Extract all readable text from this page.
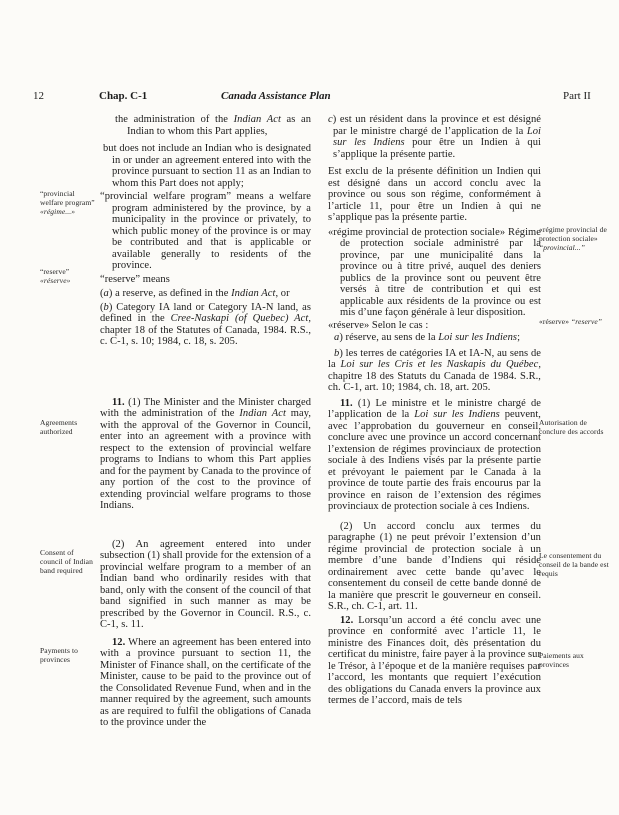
12	Chap. C-1	Canada Assistance Plan	Part II

the administration of the Indian Act as an Indian to whom this Part applies,

but does not include an Indian who is designated in or under an agreement entered into with the province pursuant to section 11 as an Indian to whom this Part does not apply;

“provincial welfare program” means a welfare program administered by the province, by a municipality in the province or privately, to which public money of the province is or may be contributed and that is applicable or available generally to residents of the province.

“reserve” means

(a) a reserve, as defined in the Indian Act, or

(b) Category IA land or Category IA-N land, as defined in the Cree-Naskapi (of Quebec) Act, chapter 18 of the Statutes of Canada, 1984. R.S., c. C-1, s. 10; 1984, c. 18, s. 205.

11. (1) The Minister and the Minister charged with the administration of the Indian Act may, with the approval of the Governor in Council, enter into an agreement with a province with respect to the extension of provincial welfare programs to Indians to whom this Part applies and for the payment by Canada to the province of any portion of the cost to the province of extending provincial welfare programs to those Indians.

(2) An agreement entered into under subsection (1) shall provide for the extension of a provincial welfare program to a member of an Indian band who ordinarily resides with that band, only with the consent of the council of that band signified in such manner as may be prescribed by the Governor in Council. R.S., c. C-1, s. 11.

12. Where an agreement has been entered into with a province pursuant to section 11, the Minister of Finance shall, on the certificate of the Minister, cause to be paid to the province out of the Consolidated Revenue Fund, when and in the manner required by the agreement, such amounts as are required to fulfil the obligations of Canada to the province under the

c) est un résident dans la province et est désigné par le ministre chargé de l’application de la Loi sur les Indiens pour être un Indien à qui s’applique la présente partie.

Est exclu de la présente définition un Indien qui est désigné dans un accord conclu avec la province ou sous son régime, conformément à l’article 11, pour être un Indien à qui ne s’applique pas la présente partie.

«régime provincial de protection sociale» Régime de protection sociale administré par la province, par une municipalité dans la province ou à titre privé, auquel des deniers publics de la province sont ou peuvent être versés à titre de contribution et qui est applicable aux résidents de la province ou est mis d’une façon générale à leur disposition.

«réserve» Selon le cas :

a) réserve, au sens de la Loi sur les Indiens;

b) les terres de catégories IA et IA-N, au sens de la Loi sur les Cris et les Naskapis du Québec, chapitre 18 des Statuts du Canada de 1984. S.R., ch. C-1, art. 10; 1984, ch. 18, art. 205.

11. (1) Le ministre et le ministre chargé de l’application de la Loi sur les Indiens peuvent, avec l’approbation du gouverneur en conseil, conclure avec une province un accord concernant l’extension de régimes provinciaux de protection sociale à des Indiens visés par la présente partie et prévoyant le paiement par le Canada à la province de toute partie des frais encourus par la province en raison de l’extension des régimes provinciaux de protection sociale à ces Indiens.

(2) Un accord conclu aux termes du paragraphe (1) ne peut prévoir l’extension d’un régime provincial de protection sociale à un membre d’une bande d’Indiens qui réside ordinairement avec cette bande qu’avec le consentement du conseil de cette bande donné de la manière que prescrit le gouverneur en conseil. S.R., ch. C-1, art. 11.

12. Lorsqu’un accord a été conclu avec une province en conformité avec l’article 11, le ministre des Finances doit, dès présentation du certificat du ministre, faire payer à la province sur le Trésor, à l’époque et de la manière requises par l’accord, les montants que requiert l’exécution des obligations du Canada envers la province aux termes de l’accord, mais de tels

“provincial welfare program” «régime...»
“reserve” «réserve»
Agreements authorized
Consent of council of Indian band required
Payments to provinces
«régime provincial de protection sociale» “provincial...”
«réserve» “reserve”
Autorisation de conclure des accords
Le consentement du conseil de la bande est requis
Paiements aux provinces
